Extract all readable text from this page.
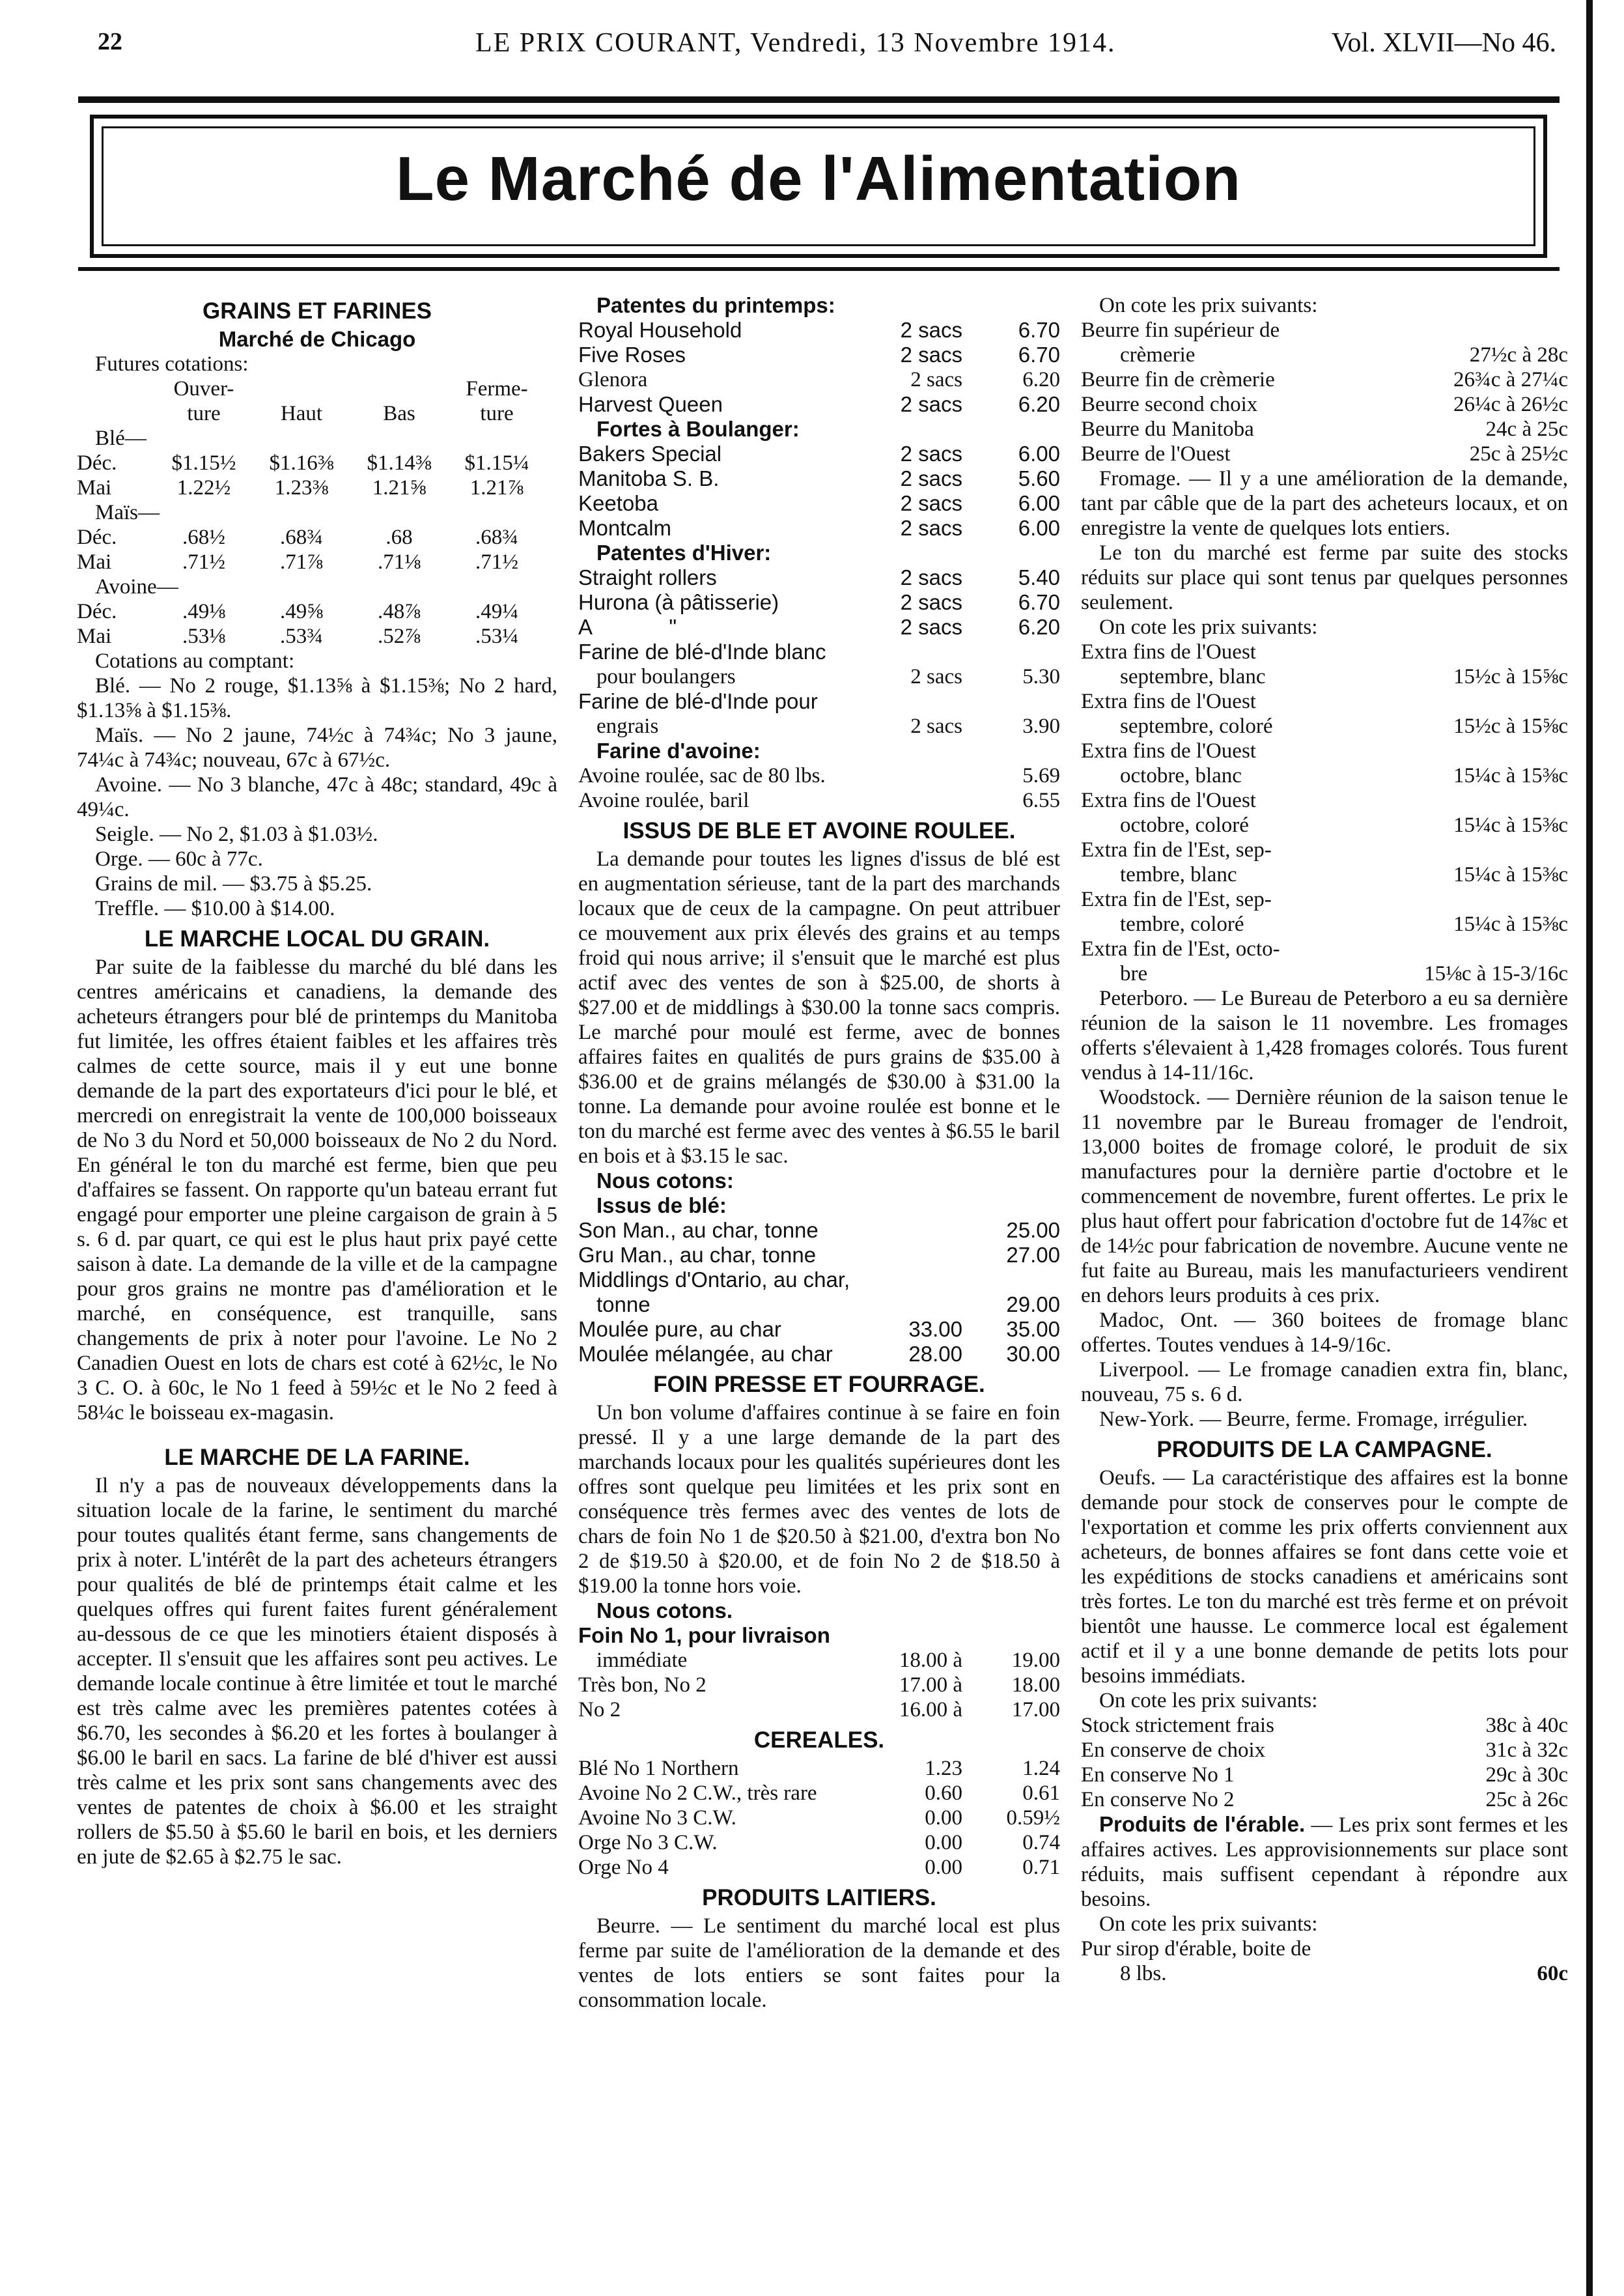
22	LE PRIX COURANT, Vendredi, 13 Novembre 1914.	Vol. XLVII—No 46.
Le Marché de l'Alimentation
GRAINS ET FARINES
Marché de Chicago
Futures cotations:
Ouver-	Ferme-
ture	Haut	Bas	ture
Blé—
Déc.	$1.15½	$1.16⅜	$1.14⅜	$1.15¼
Mai	1.22½	1.23⅜	1.21⅝	1.21⅞
Maïs—
Déc.	.68½	.68¾	.68	.68¾
Mai	.71½	.71⅞	.71⅛	.71½
Avoine—
Déc.	.49⅛	.49⅝	.48⅞	.49¼
Mai	.53⅛	.53¾	.52⅞	.53¼
Cotations au comptant:

Blé. — No 2 rouge, $1.13⅝ à $1.15⅜; No 2 hard, $1.13⅝ à $1.15⅜.

Maïs. — No 2 jaune, 74½c à 74¾c; No 3 jaune, 74¼c à 74¾c; nouveau, 67c à 67½c.

Avoine. — No 3 blanche, 47c à 48c; standard, 49c à 49¼c.

Seigle. — No 2, $1.03 à $1.03½.
Orge. — 60c à 77c.
Grains de mil. — $3.75 à $5.25.
Treffle. — $10.00 à $14.00.
LE MARCHE LOCAL DU GRAIN.

Par suite de la faiblesse du marché du blé dans les centres américains et canadiens, la demande des acheteurs étrangers pour blé de printemps du Manitoba fut limitée, les offres étaient faibles et les affaires très calmes de cette source, mais il y eut une bonne demande de la part des exportateurs d'ici pour le blé, et mercredi on enregistrait la vente de 100,000 boisseaux de No 3 du Nord et 50,000 boisseaux de No 2 du Nord. En général le ton du marché est ferme, bien que peu d'affaires se fassent. On rapporte qu'un bateau errant fut engagé pour emporter une pleine cargaison de grain à 5 s. 6 d. par quart, ce qui est le plus haut prix payé cette saison à date. La demande de la ville et de la campagne pour gros grains ne montre pas d'amélioration et le marché, en conséquence, est tranquille, sans changements de prix à noter pour l'avoine. Le No 2 Canadien Ouest en lots de chars est coté à 62½c, le No 3 C. O. à 60c, le No 1 feed à 59½c et le No 2 feed à 58¼c le boisseau ex-magasin.

LE MARCHE DE LA FARINE.

Il n'y a pas de nouveaux développements dans la situation locale de la farine, le sentiment du marché pour toutes qualités étant ferme, sans changements de prix à noter. L'intérêt de la part des acheteurs étrangers pour qualités de blé de printemps était calme et les quelques offres qui furent faites furent généralement au-dessous de ce que les minotiers étaient disposés à accepter. Il s'ensuit que les affaires sont peu actives. Le demande locale continue à être limitée et tout le marché est très calme avec les premières patentes cotées à $6.70, les secondes à $6.20 et les fortes à boulanger à $6.00 le baril en sacs. La farine de blé d'hiver est aussi très calme et les prix sont sans changements avec des ventes de patentes de choix à $6.00 et les straight rollers de $5.50 à $5.60 le baril en bois, et les derniers en jute de $2.65 à $2.75 le sac.

Patentes du printemps:
Royal Household	2 sacs	6.70
Five Roses	2 sacs	6.70
Glenora	2 sacs	6.20
Harvest Queen	2 sacs	6.20
Fortes à Boulanger:
Bakers Special	2 sacs	6.00
Manitoba S. B.	2 sacs	5.60
Keetoba	2 sacs	6.00
Montcalm	2 sacs	6.00
Patentes d'Hiver:
Straight rollers	2 sacs	5.40
Hurona (à pâtisserie)	2 sacs	6.70
A             "	2 sacs	6.20
Farine de blé-d'Inde blanc
pour boulangers	2 sacs	5.30
Farine de blé-d'Inde pour
engrais	2 sacs	3.90
Farine d'avoine:
Avoine roulée, sac de 80 lbs.	5.69
Avoine roulée, baril	6.55
ISSUS DE BLE ET AVOINE ROULEE.

La demande pour toutes les lignes d'issus de blé est en augmentation sérieuse, tant de la part des marchands locaux que de ceux de la campagne. On peut attribuer ce mouvement aux prix élevés des grains et au temps froid qui nous arrive; il s'ensuit que le marché est plus actif avec des ventes de son à $25.00, de shorts à $27.00 et de middlings à $30.00 la tonne sacs compris. Le marché pour moulé est ferme, avec de bonnes affaires faites en qualités de purs grains de $35.00 à $36.00 et de grains mélangés de $30.00 à $31.00 la tonne. La demande pour avoine roulée est bonne et le ton du marché est ferme avec des ventes à $6.55 le baril en bois et à $3.15 le sac.

Nous cotons:
Issus de blé:
Son Man., au char, tonne	25.00
Gru Man., au char, tonne	27.00
Middlings d'Ontario, au char,
tonne	29.00
Moulée pure, au char	33.00	35.00
Moulée mélangée, au char	28.00	30.00
FOIN PRESSE ET FOURRAGE.

Un bon volume d'affaires continue à se faire en foin pressé. Il y a une large demande de la part des marchands locaux pour les qualités supérieures dont les offres sont quelque peu limitées et les prix sont en conséquence très fermes avec des ventes de lots de chars de foin No 1 de $20.50 à $21.00, d'extra bon No 2 de $19.50 à $20.00, et de foin No 2 de $18.50 à $19.00 la tonne hors voie.

Nous cotons.
Foin No 1, pour livraison
immédiate	18.00 à	19.00
Très bon, No 2	17.00 à	18.00
No 2	16.00 à	17.00
CEREALES.
Blé No 1 Northern	1.23	1.24
Avoine No 2 C.W., très rare	0.60	0.61
Avoine No 3 C.W.	0.00	0.59½
Orge No 3 C.W.	0.00	0.74
Orge No 4	0.00	0.71
PRODUITS LAITIERS.

Beurre. — Le sentiment du marché local est plus ferme par suite de l'amélioration de la demande et des ventes de lots entiers se sont faites pour la consommation locale.

On cote les prix suivants:
Beurre fin supérieur de
crèmerie	27½c à 28c
Beurre fin de crèmerie	26¾c à 27¼c
Beurre second choix	26¼c à 26½c
Beurre du Manitoba	24c à 25c
Beurre de l'Ouest	25c à 25½c

Fromage. — Il y a une amélioration de la demande, tant par câble que de la part des acheteurs locaux, et on enregistre la vente de quelques lots entiers.

Le ton du marché est ferme par suite des stocks réduits sur place qui sont tenus par quelques personnes seulement.

On cote les prix suivants:
Extra fins de l'Ouest
septembre, blanc	15½c à 15⅝c
Extra fins de l'Ouest
septembre, coloré	15½c à 15⅝c
Extra fins de l'Ouest
octobre, blanc	15¼c à 15⅜c
Extra fins de l'Ouest
octobre, coloré	15¼c à 15⅜c
Extra fin de l'Est, sep-
tembre, blanc	15¼c à 15⅜c
Extra fin de l'Est, sep-
tembre, coloré	15¼c à 15⅜c
Extra fin de l'Est, octo-
bre	15⅛c à 15-3/16c

Peterboro. — Le Bureau de Peterboro a eu sa dernière réunion de la saison le 11 novembre. Les fromages offerts s'élevaient à 1,428 fromages colorés. Tous furent vendus à 14-11/16c.

Woodstock. — Dernière réunion de la saison tenue le 11 novembre par le Bureau fromager de l'endroit, 13,000 boites de fromage coloré, le produit de six manufactures pour la dernière partie d'octobre et le commencement de novembre, furent offertes. Le prix le plus haut offert pour fabrication d'octobre fut de 14⅞c et de 14½c pour fabrication de novembre. Aucune vente ne fut faite au Bureau, mais les manufacturieers vendirent en dehors leurs produits à ces prix.

Madoc, Ont. — 360 boitees de fromage blanc offertes. Toutes vendues à 14-9/16c.

Liverpool. — Le fromage canadien extra fin, blanc, nouveau, 75 s. 6 d.

New-York. — Beurre, ferme. Fromage, irrégulier.

PRODUITS DE LA CAMPAGNE.

Oeufs. — La caractéristique des affaires est la bonne demande pour stock de conserves pour le compte de l'exportation et comme les prix offerts conviennent aux acheteurs, de bonnes affaires se font dans cette voie et les expéditions de stocks canadiens et américains sont très fortes. Le ton du marché est très ferme et on prévoit bientôt une hausse. Le commerce local est également actif et il y a une bonne demande de petits lots pour besoins immédiats.

On cote les prix suivants:
Stock strictement frais	38c à 40c
En conserve de choix	31c à 32c
En conserve No 1	29c à 30c
En conserve No 2	25c à 26c

Produits de l'érable. — Les prix sont fermes et les affaires actives. Les approvisionnements sur place sont réduits, mais suffisent cependant à répondre aux besoins.

On cote les prix suivants:
Pur sirop d'érable, boite de
8 lbs.	60c
